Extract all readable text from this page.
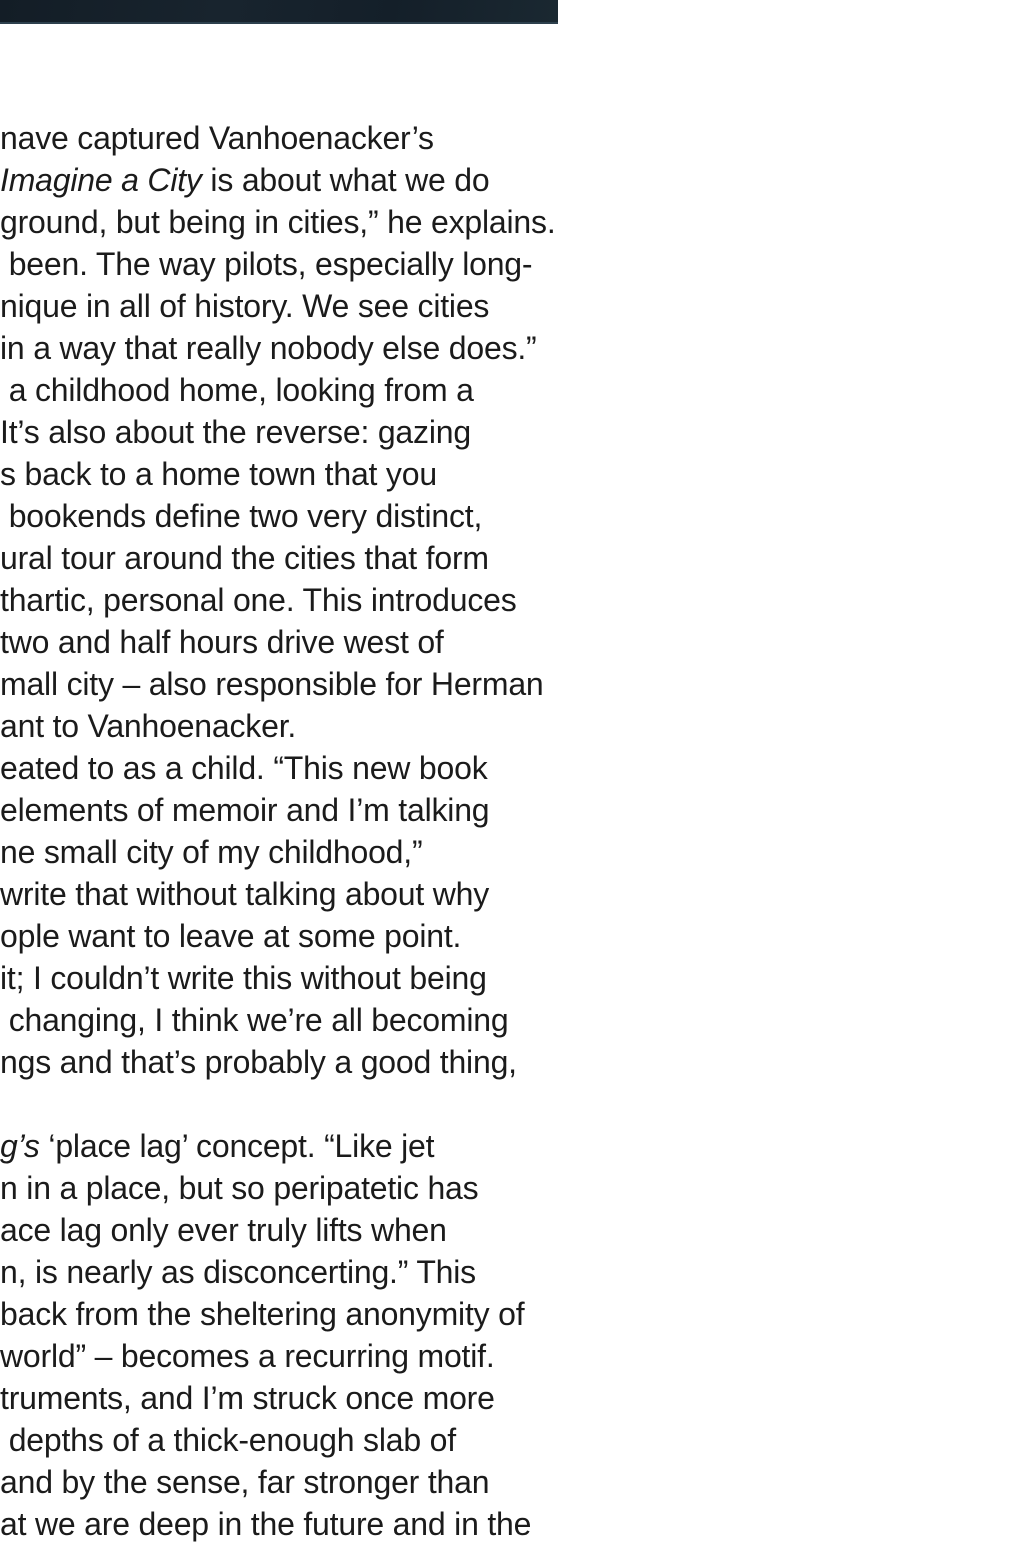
nave captured Vanhoenacker’s
Imagine a City is about what we do
ground, but being in cities,” he explains.
been. The way pilots, especially long-
nique in all of history. We see cities
in a way that really nobody else does.”
a childhood home, looking from a
It’s also about the reverse: gazing
s back to a home town that you
bookends define two very distinct,
ural tour around the cities that form
thartic, personal one. This introduces
two and half hours drive west of
mall city – also responsible for Herman
ant to Vanhoenacker.
eated to as a child. “This new book
elements of memoir and I’m talking
ne small city of my childhood,”
write that without talking about why
ople want to leave at some point.
it; I couldn’t write this without being
changing, I think we’re all becoming
ngs and that’s probably a good thing,
g’s ‘place lag’ concept. “Like jet
n in a place, but so peripatetic has
ace lag only ever truly lifts when
n, is nearly as disconcerting.” This
back from the sheltering anonymity of
world” – becomes a recurring motif.
truments, and I’m struck once more
depths of a thick-enough slab of
and by the sense, far stronger than
at we are deep in the future and in the
